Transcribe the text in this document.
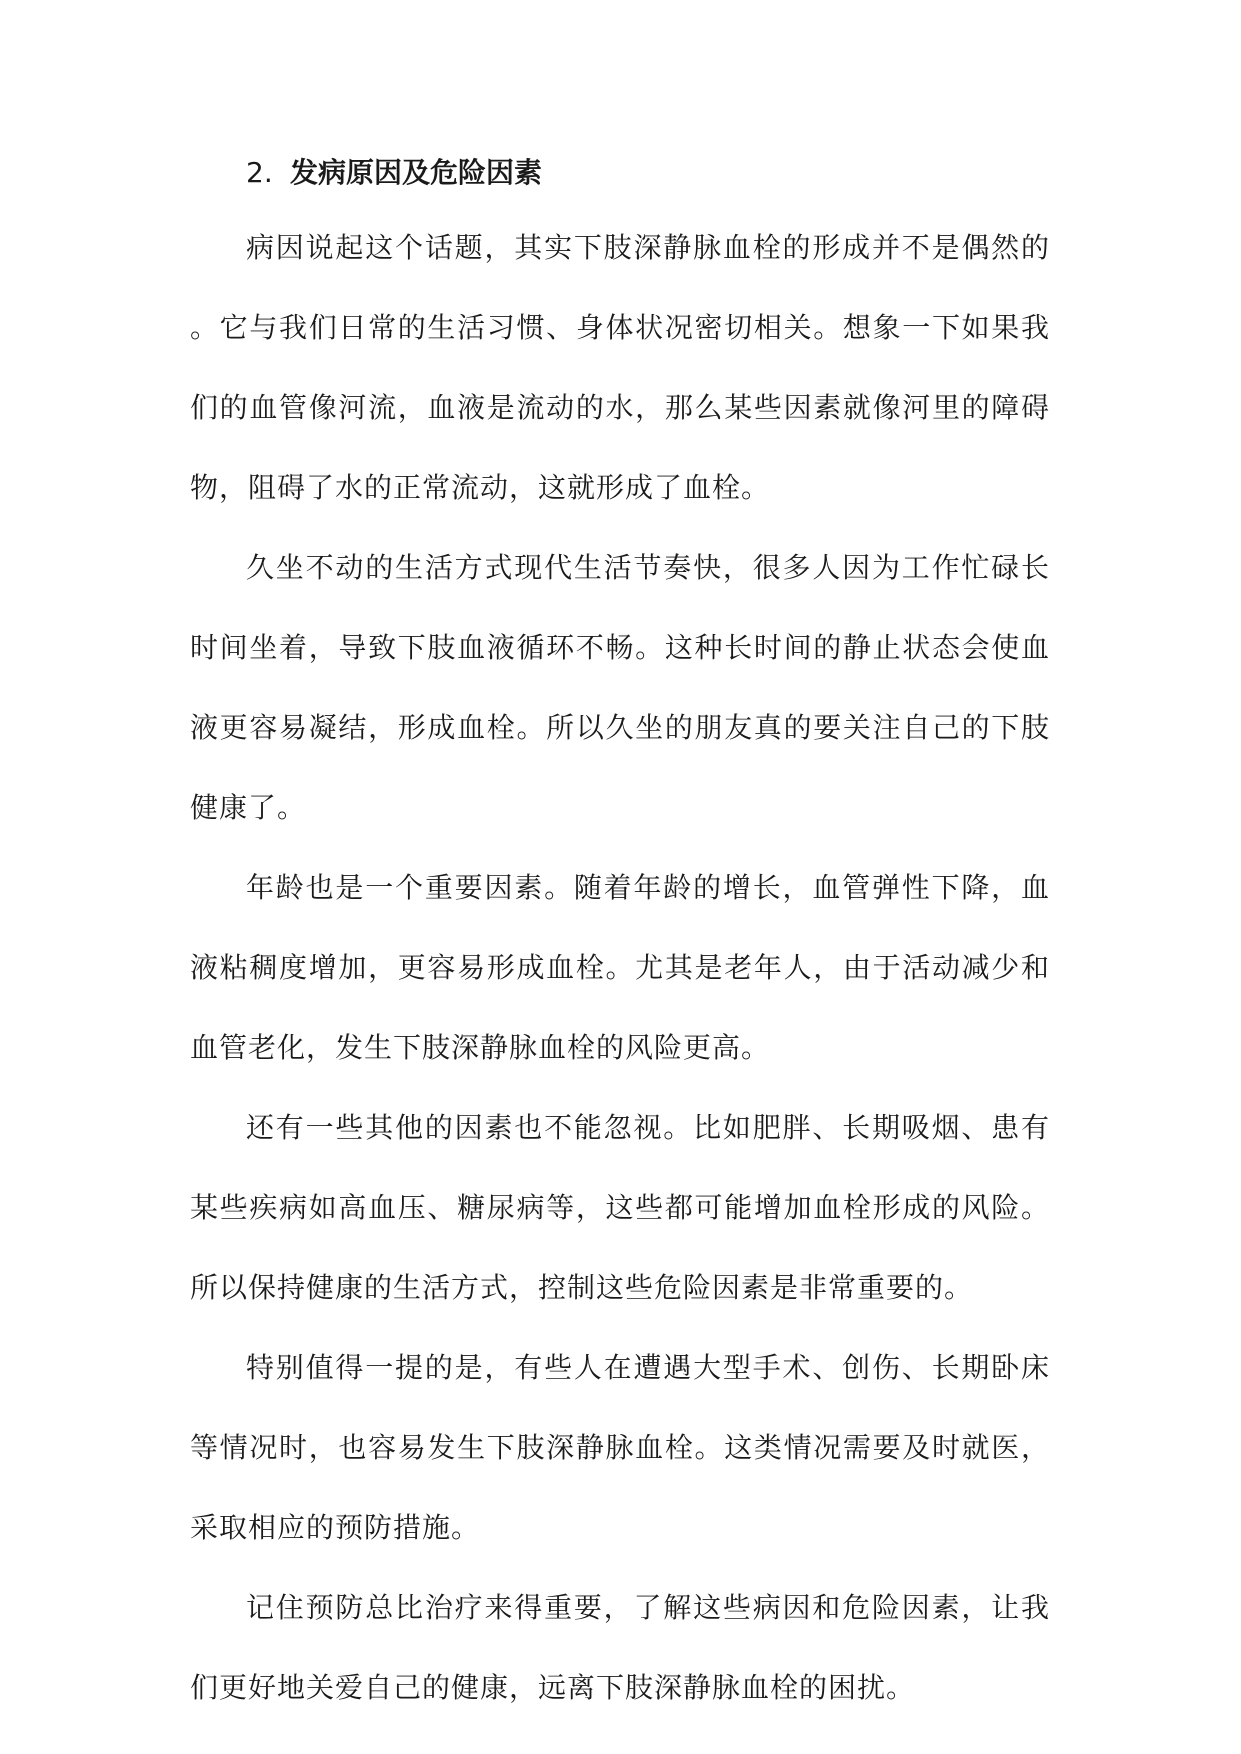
2. 发病原因及危险因素

病因说起这个话题，其实下肢深静脉血栓的形成并不是偶然的。它与我们日常的生活习惯、身体状况密切相关。想象一下如果我们的血管像河流，血液是流动的水，那么某些因素就像河里的障碍物，阻碍了水的正常流动，这就形成了血栓。

久坐不动的生活方式现代生活节奏快，很多人因为工作忙碌长时间坐着，导致下肢血液循环不畅。这种长时间的静止状态会使血液更容易凝结，形成血栓。所以久坐的朋友真的要关注自己的下肢健康了。

年龄也是一个重要因素。随着年龄的增长，血管弹性下降，血液粘稠度增加，更容易形成血栓。尤其是老年人，由于活动减少和血管老化，发生下肢深静脉血栓的风险更高。

还有一些其他的因素也不能忽视。比如肥胖、长期吸烟、患有某些疾病如高血压、糖尿病等，这些都可能增加血栓形成的风险。所以保持健康的生活方式，控制这些危险因素是非常重要的。

特别值得一提的是，有些人在遭遇大型手术、创伤、长期卧床等情况时，也容易发生下肢深静脉血栓。这类情况需要及时就医，采取相应的预防措施。

记住预防总比治疗来得重要，了解这些病因和危险因素，让我们更好地关爱自己的健康，远离下肢深静脉血栓的困扰。
